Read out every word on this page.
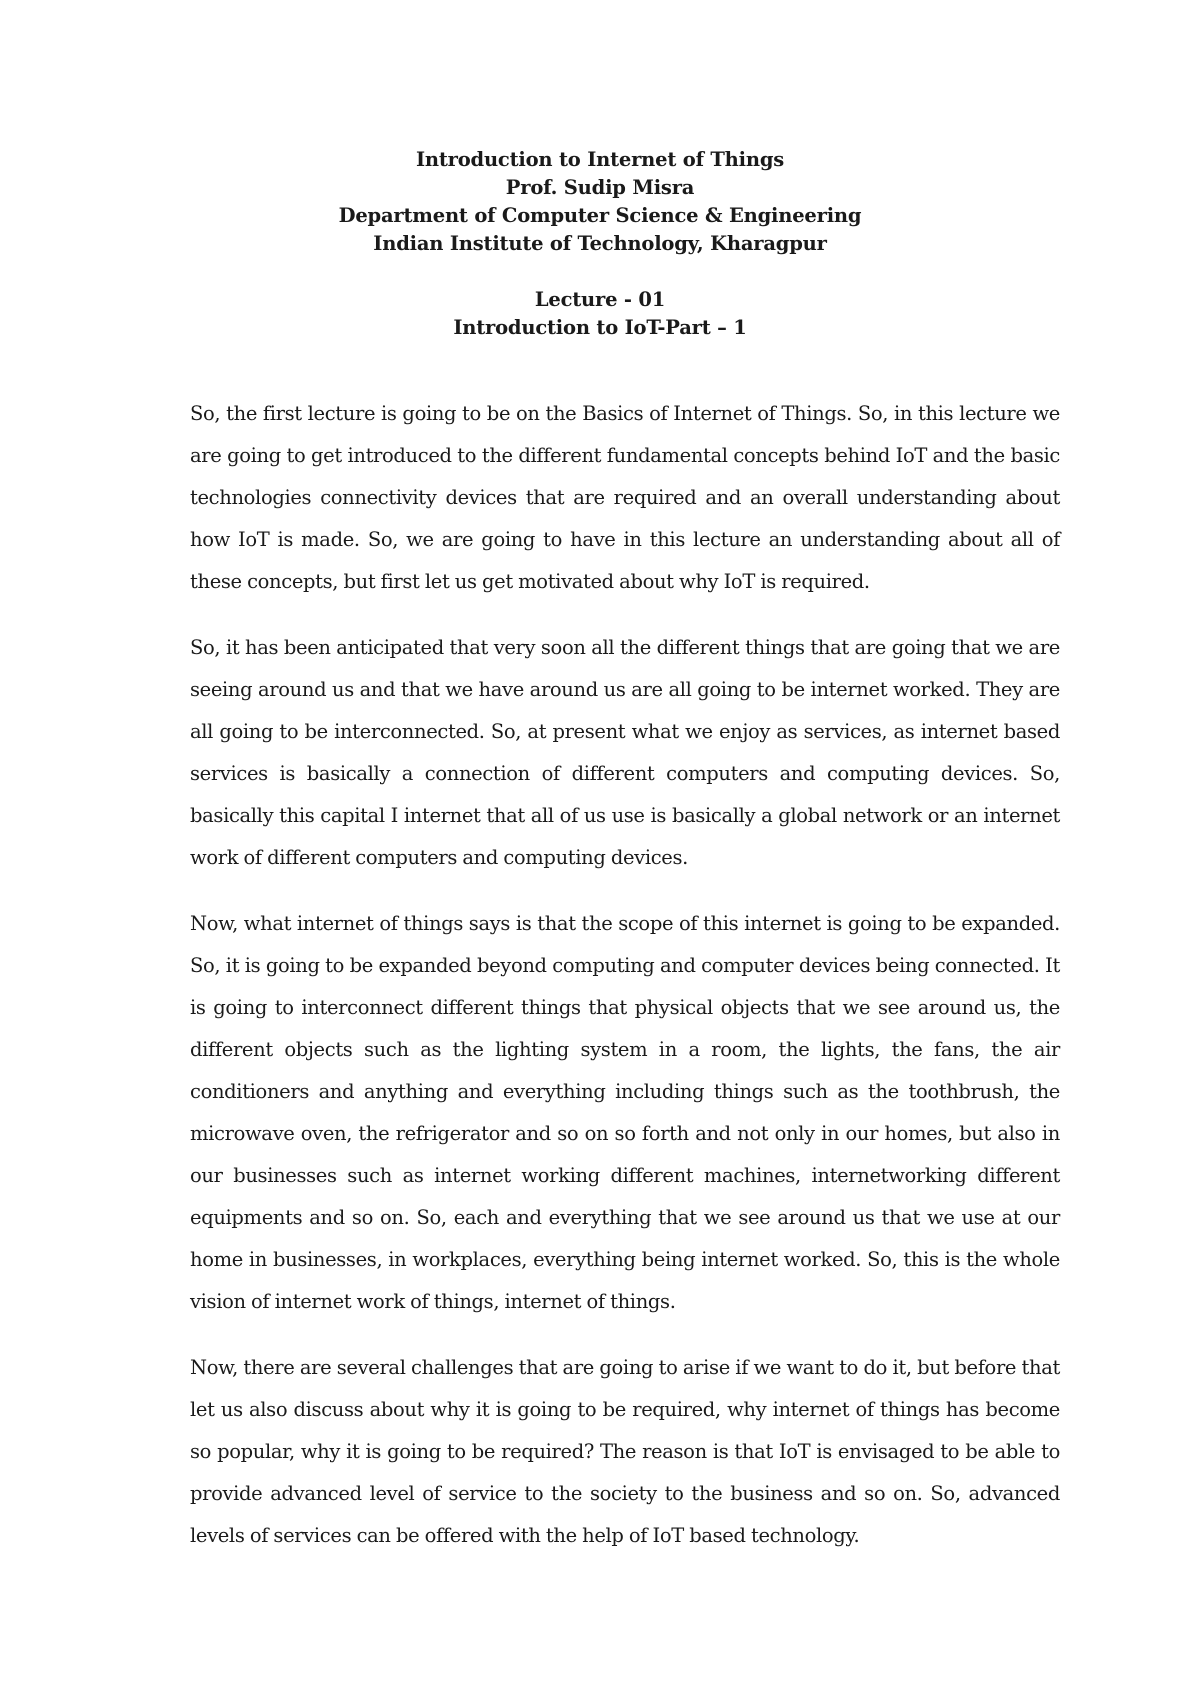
Introduction to Internet of Things
Prof. Sudip Misra
Department of Computer Science & Engineering
Indian Institute of Technology, Kharagpur
Lecture - 01
Introduction to IoT-Part – 1

So, the first lecture is going to be on the Basics of Internet of Things. So, in this lecture we are going to get introduced to the different fundamental concepts behind IoT and the basic technologies connectivity devices that are required and an overall understanding about how IoT is made. So, we are going to have in this lecture an understanding about all of these concepts, but first let us get motivated about why IoT is required.

So, it has been anticipated that very soon all the different things that are going that we are seeing around us and that we have around us are all going to be internet worked. They are all going to be interconnected. So, at present what we enjoy as services, as internet based services is basically a connection of different computers and computing devices. So, basically this capital I internet that all of us use is basically a global network or an internet work of different computers and computing devices.

Now, what internet of things says is that the scope of this internet is going to be expanded. So, it is going to be expanded beyond computing and computer devices being connected. It is going to interconnect different things that physical objects that we see around us, the different objects such as the lighting system in a room, the lights, the fans, the air conditioners and anything and everything including things such as the toothbrush, the microwave oven, the refrigerator and so on so forth and not only in our homes, but also in our businesses such as internet working different machines, internetworking different equipments and so on. So, each and everything that we see around us that we use at our home in businesses, in workplaces, everything being internet worked. So, this is the whole vision of internet work of things, internet of things.

Now, there are several challenges that are going to arise if we want to do it, but before that let us also discuss about why it is going to be required, why internet of things has become so popular, why it is going to be required? The reason is that IoT is envisaged to be able to provide advanced level of service to the society to the business and so on. So, advanced levels of services can be offered with the help of IoT based technology.
